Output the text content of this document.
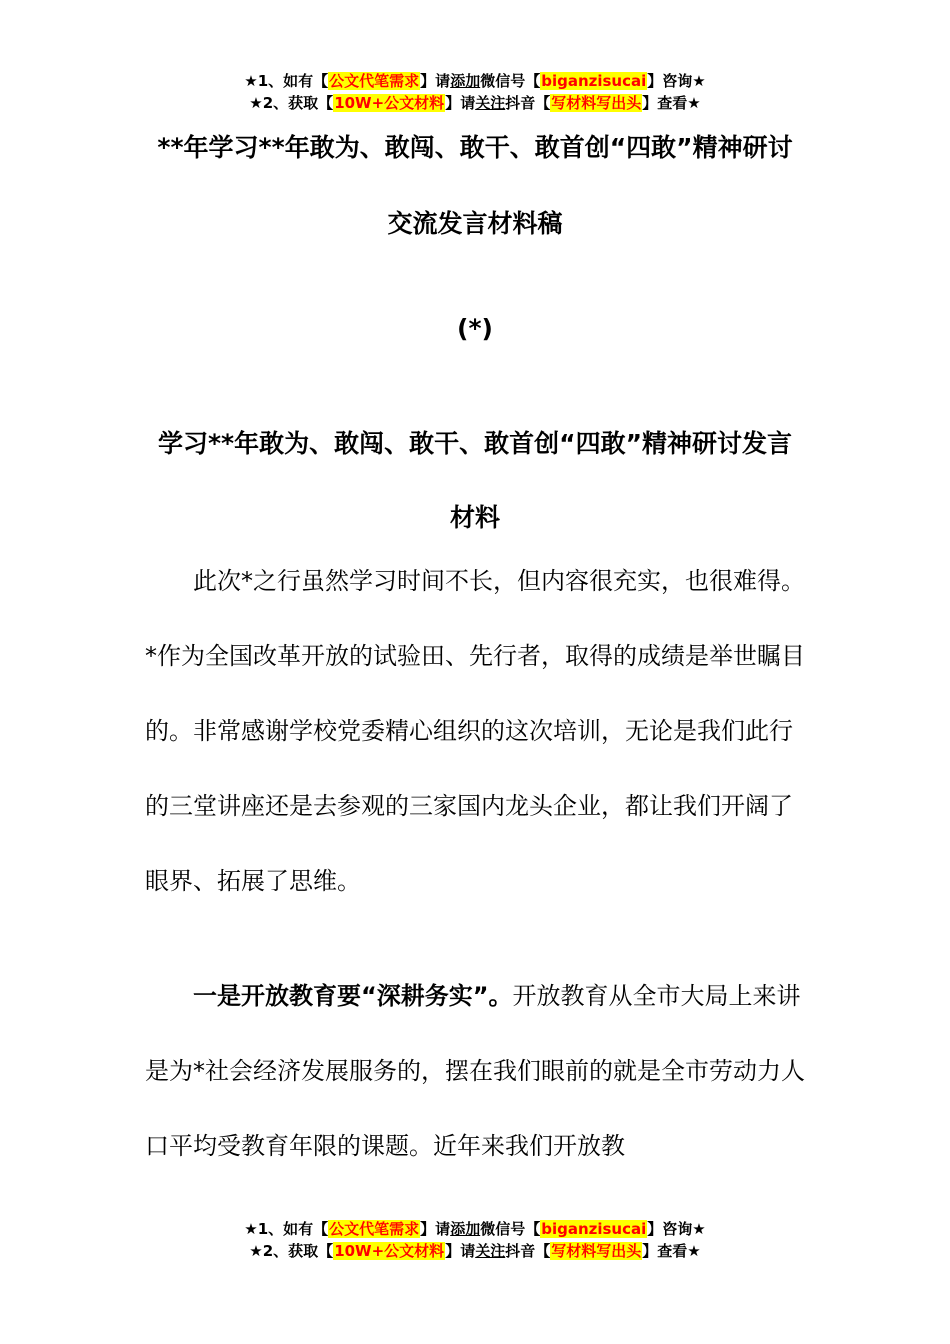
★1、如有【公文代笔需求】请添加微信号【biganzisucai】咨询★
★2、获取【10W+公文材料】请关注抖音【写材料写出头】查看★
**年学习**年敢为、敢闯、敢干、敢首创“四敢”精神研讨
交流发言材料稿
(*)
学习**年敢为、敢闯、敢干、敢首创“四敢”精神研讨发言
材料

此次*之行虽然学习时间不长，但内容很充实，也很难得。*作为全国改革开放的试验田、先行者，取得的成绩是举世瞩目的。非常感谢学校党委精心组织的这次培训，无论是我们此行的三堂讲座还是去参观的三家国内龙头企业，都让我们开阔了眼界、拓展了思维。

一是开放教育要“深耕务实”。开放教育从全市大局上来讲是为*社会经济发展服务的，摆在我们眼前的就是全市劳动力人口平均受教育年限的课题。近年来我们开放教

★1、如有【公文代笔需求】请添加微信号【biganzisucai】咨询★
★2、获取【10W+公文材料】请关注抖音【写材料写出头】查看★
